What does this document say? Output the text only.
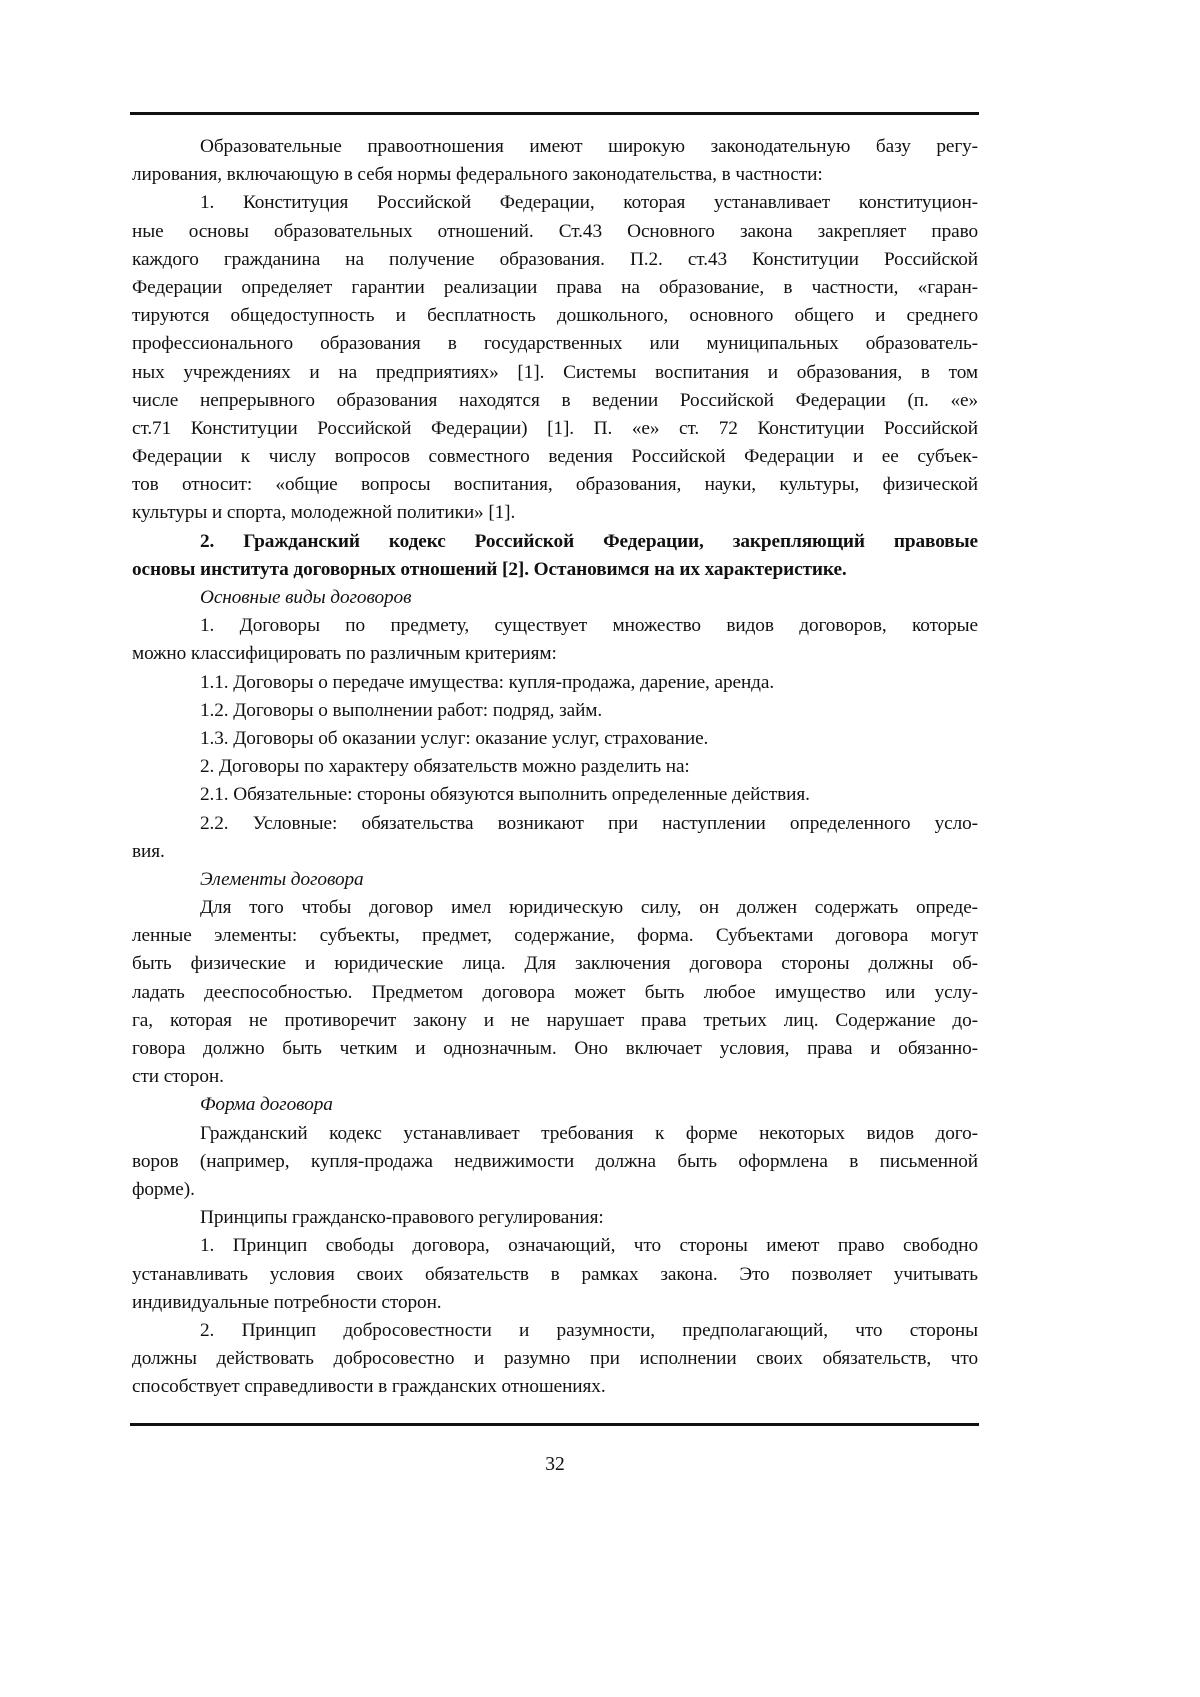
Образовательные правоотношения имеют широкую законодательную базу регу-
лирования, включающую в себя нормы федерального законодательства, в частности:
1. Конституция Российской Федерации, которая устанавливает конституцион-
ные основы образовательных отношений. Ст.43 Основного закона закрепляет право
каждого гражданина на получение образования. П.2. ст.43 Конституции Российской
Федерации определяет гарантии реализации права на образование, в частности, «гаран-
тируются общедоступность и бесплатность дошкольного, основного общего и среднего
профессионального образования в государственных или муниципальных образователь-
ных учреждениях и на предприятиях» [1]. Системы воспитания и образования, в том
числе непрерывного образования находятся в ведении Российской Федерации (п. «е»
ст.71 Конституции Российской Федерации) [1]. П. «е» ст. 72 Конституции Российской
Федерации к числу вопросов совместного ведения Российской Федерации и ее субъек-
тов относит: «общие вопросы воспитания, образования, науки, культуры, физической
культуры и спорта, молодежной политики» [1].
2. Гражданский кодекс Российской Федерации, закрепляющий правовые
основы института договорных отношений [2]. Остановимся на их характеристике.
Основные виды договоров
1. Договоры по предмету, существует множество видов договоров, которые
можно классифицировать по различным критериям:
1.1. Договоры о передаче имущества: купля-продажа, дарение, аренда.
1.2. Договоры о выполнении работ: подряд, займ.
1.3. Договоры об оказании услуг: оказание услуг, страхование.
2. Договоры по характеру обязательств можно разделить на:
2.1. Обязательные: стороны обязуются выполнить определенные действия.
2.2. Условные: обязательства возникают при наступлении определенного усло-
вия.
Элементы договора
Для того чтобы договор имел юридическую силу, он должен содержать опреде-
ленные элементы: субъекты, предмет, содержание, форма. Субъектами договора могут
быть физические и юридические лица. Для заключения договора стороны должны об-
ладать дееспособностью. Предметом договора может быть любое имущество или услу-
га, которая не противоречит закону и не нарушает права третьих лиц. Содержание до-
говора должно быть четким и однозначным. Оно включает условия, права и обязанно-
сти сторон.
Форма договора
Гражданский кодекс устанавливает требования к форме некоторых видов дого-
воров (например, купля-продажа недвижимости должна быть оформлена в письменной
форме).
Принципы гражданско-правового регулирования:
1. Принцип свободы договора, означающий, что стороны имеют право свободно
устанавливать условия своих обязательств в рамках закона. Это позволяет учитывать
индивидуальные потребности сторон.
2. Принцип добросовестности и разумности, предполагающий, что стороны
должны действовать добросовестно и разумно при исполнении своих обязательств, что
способствует справедливости в гражданских отношениях.
32
